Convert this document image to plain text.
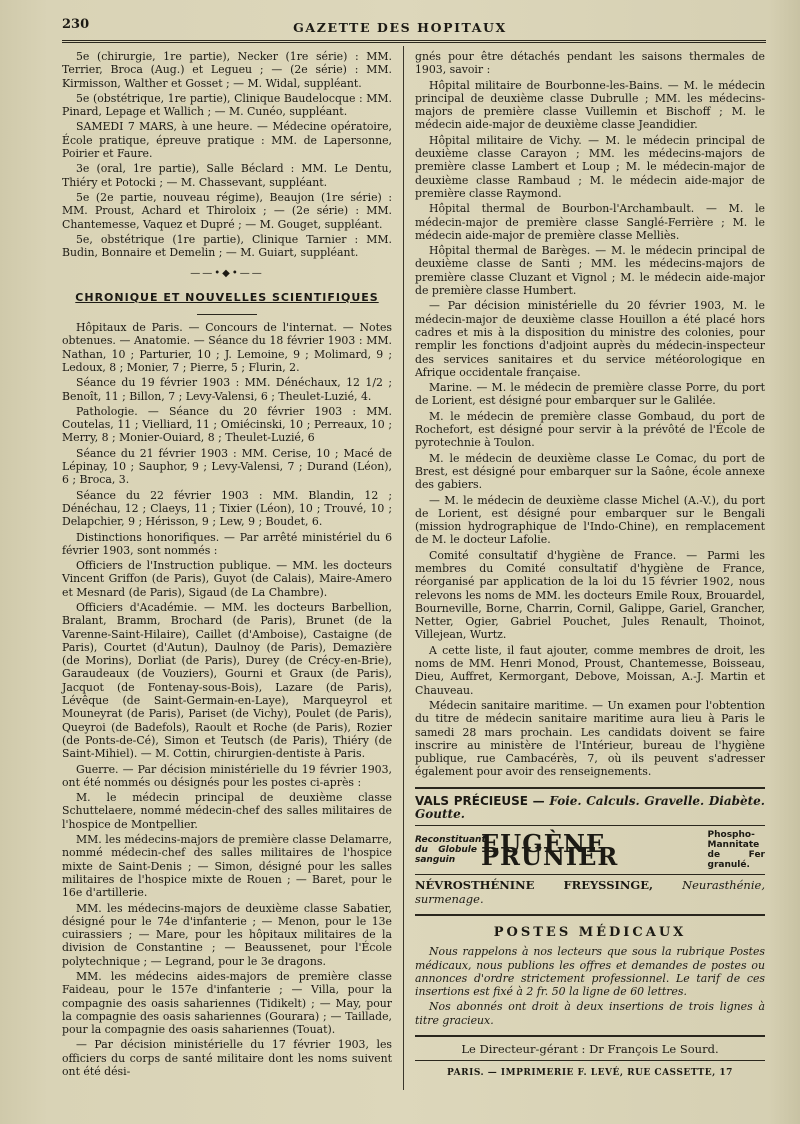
230	GAZETTE DES HOPITAUX

5e (chirurgie, 1re partie), Necker (1re série) : MM. Terrier, Broca (Aug.) et Legueu ; — (2e série) : MM. Kirmisson, Walther et Gosset ; — M. Widal, suppléant.

5e (obstétrique, 1re partie), Clinique Baudelocque : MM. Pinard, Lepage et Wallich ; — M. Cunéo, suppléant.

SAMEDI 7 MARS, à une heure. — Médecine opératoire, École pratique, épreuve pratique : MM. de Lapersonne, Poirier et Faure.

3e (oral, 1re partie), Salle Béclard : MM. Le Dentu, Thiéry et Potocki ; — M. Chassevant, suppléant.

5e (2e partie, nouveau régime), Beaujon (1re série) : MM. Proust, Achard et Thiroloix ; — (2e série) : MM. Chantemesse, Vaquez et Dupré ; — M. Gouget, suppléant.

5e, obstétrique (1re partie), Clinique Tarnier : MM. Budin, Bonnaire et Demelin ; — M. Guiart, suppléant.

——•◆•——
CHRONIQUE ET NOUVELLES SCIENTIFIQUES

Hôpitaux de Paris. — Concours de l'internat. — Notes obtenues. — Anatomie. — Séance du 18 février 1903 : MM. Nathan, 10 ; Parturier, 10 ; J. Lemoine, 9 ; Molimard, 9 ; Ledoux, 8 ; Monier, 7 ; Pierre, 5 ; Flurin, 2.

Séance du 19 février 1903 : MM. Dénéchaux, 12 1/2 ; Benoît, 11 ; Billon, 7 ; Levy-Valensi, 6 ; Theulet-Luzié, 4.

Pathologie. — Séance du 20 février 1903 : MM. Coutelas, 11 ; Vielliard, 11 ; Omiécinski, 10 ; Perreaux, 10 ; Merry, 8 ; Monier-Ouiard, 8 ; Theulet-Luzié, 6

Séance du 21 février 1903 : MM. Cerise, 10 ; Macé de Lépinay, 10 ; Sauphor, 9 ; Levy-Valensi, 7 ; Durand (Léon), 6 ; Broca, 3.

Séance du 22 février 1903 : MM. Blandin, 12 ; Dénéchau, 12 ; Claeys, 11 ; Tixier (Léon), 10 ; Trouvé, 10 ; Delapchier, 9 ; Hérisson, 9 ; Lew, 9 ; Boudet, 6.

Distinctions honorifiques. — Par arrêté ministériel du 6 février 1903, sont nommés :

Officiers de l'Instruction publique. — MM. les docteurs Vincent Griffon (de Paris), Guyot (de Calais), Maire-Amero et Mesnard (de Paris), Sigaud (de La Chambre).

Officiers d'Académie. — MM. les docteurs Barbellion, Bralant, Bramm, Brochard (de Paris), Brunet (de la Varenne-Saint-Hilaire), Caillet (d'Amboise), Castaigne (de Paris), Courtet (d'Autun), Daulnoy (de Paris), Demazière (de Morins), Dorliat (de Paris), Durey (de Crécy-en-Brie), Garaudeaux (de Vouziers), Gourni et Graux (de Paris), Jacquot (de Fontenay-sous-Bois), Lazare (de Paris), Lévêque (de Saint-Germain-en-Laye), Marqueyrol et Mouneyrat (de Paris), Pariset (de Vichy), Poulet (de Paris), Queyroi (de Badefols), Raoult et Roche (de Paris), Rozier (de Ponts-de-Cé), Simon et Teutsch (de Paris), Thiéry (de Saint-Mihiel). — M. Cottin, chirurgien-dentiste à Paris.

Guerre. — Par décision ministérielle du 19 février 1903, ont été nommés ou désignés pour les postes ci-après :

M. le médecin principal de deuxième classe Schuttelaere, nommé médecin-chef des salles militaires de l'hospice de Montpellier.

MM. les médecins-majors de première classe Delamarre, nommé médecin-chef des salles militaires de l'hospice mixte de Saint-Denis ; — Simon, désigné pour les salles militaires de l'hospice mixte de Rouen ; — Baret, pour le 16e d'artillerie.

MM. les médecins-majors de deuxième classe Sabatier, désigné pour le 74e d'infanterie ; — Menon, pour le 13e cuirassiers ; — Mare, pour les hôpitaux militaires de la division de Constantine ; — Beaussenet, pour l'École polytechnique ; — Legrand, pour le 3e dragons.

MM. les médecins aides-majors de première classe Faideau, pour le 157e d'infanterie ; — Villa, pour la compagnie des oasis sahariennes (Tidikelt) ; — May, pour la compagnie des oasis sahariennes (Gourara) ; — Taillade, pour la compagnie des oasis sahariennes (Touat).

— Par décision ministérielle du 17 février 1903, les officiers du corps de santé militaire dont les noms suivent ont été dési-

gnés pour être détachés pendant les saisons thermales de 1903, savoir :

Hôpital militaire de Bourbonne-les-Bains. — M. le médecin principal de deuxième classe Dubrulle ; MM. les médecins-majors de première classe Vuillemin et Bischoff ; M. le médecin aide-major de deuxième classe Jeandidier.

Hôpital militaire de Vichy. — M. le médecin principal de deuxième classe Carayon ; MM. les médecins-majors de première classe Lambert et Loup ; M. le médecin-major de deuxième classe Rambaud ; M. le médecin aide-major de première classe Raymond.

Hôpital thermal de Bourbon-l'Archambault. — M. le médecin-major de première classe Sanglé-Ferrière ; M. le médecin aide-major de première classe Melliès.

Hôpital thermal de Barèges. — M. le médecin principal de deuxième classe de Santi ; MM. les médecins-majors de première classe Cluzant et Vignol ; M. le médecin aide-major de première classe Humbert.

— Par décision ministérielle du 20 février 1903, M. le médecin-major de deuxième classe Houillon a été placé hors cadres et mis à la disposition du ministre des colonies, pour remplir les fonctions d'adjoint auprès du médecin-inspecteur des services sanitaires et du service météorologique en Afrique occidentale française.

Marine. — M. le médecin de première classe Porre, du port de Lorient, est désigné pour embarquer sur le Galilée.

M. le médecin de première classe Gombaud, du port de Rochefort, est désigné pour servir à la prévôté de l'École de pyrotechnie à Toulon.

M. le médecin de deuxième classe Le Comac, du port de Brest, est désigné pour embarquer sur la Saône, école annexe des gabiers.

— M. le médecin de deuxième classe Michel (A.-V.), du port de Lorient, est désigné pour embarquer sur le Bengali (mission hydrographique de l'Indo-Chine), en remplacement de M. le docteur Lafolie.

Comité consultatif d'hygiène de France. — Parmi les membres du Comité consultatif d'hygiène de France, réorganisé par application de la loi du 15 février 1902, nous relevons les noms de MM. les docteurs Emile Roux, Brouardel, Bourneville, Borne, Charrin, Cornil, Galippe, Gariel, Grancher, Netter, Ogier, Gabriel Pouchet, Jules Renault, Thoinot, Villejean, Wurtz.

A cette liste, il faut ajouter, comme membres de droit, les noms de MM. Henri Monod, Proust, Chantemesse, Boisseau, Dieu, Auffret, Kermorgant, Debove, Moissan, A.-J. Martin et Chauveau.

Médecin sanitaire maritime. — Un examen pour l'obtention du titre de médecin sanitaire maritime aura lieu à Paris le samedi 28 mars prochain. Les candidats doivent se faire inscrire au ministère de l'Intérieur, bureau de l'hygiène publique, rue Cambacérès, 7, où ils peuvent s'adresser également pour avoir des renseignements.

VALS PRÉCIEUSE — Foie. Calculs. Gravelle. Diabète. Goutte.
Reconstituant du Globule sanguin
EUGÈNE PRUNIER
Phospho-Mannitate de Fer granulé.
NÉVROSTHÉNINE FREYSSINGE,	Neurasthénie, surmenage.
POSTES MÉDICAUX

Nous rappelons à nos lecteurs que sous la rubrique Postes médicaux, nous publions les offres et demandes de postes ou annonces d'ordre strictement professionnel. Le tarif de ces insertions est fixé à 2 fr. 50 la ligne de 60 lettres.

Nos abonnés ont droit à deux insertions de trois lignes à titre gracieux.

Le Directeur-gérant : Dr François Le Sourd.
PARIS. — IMPRIMERIE F. LEVÉ, RUE CASSETTE, 17
